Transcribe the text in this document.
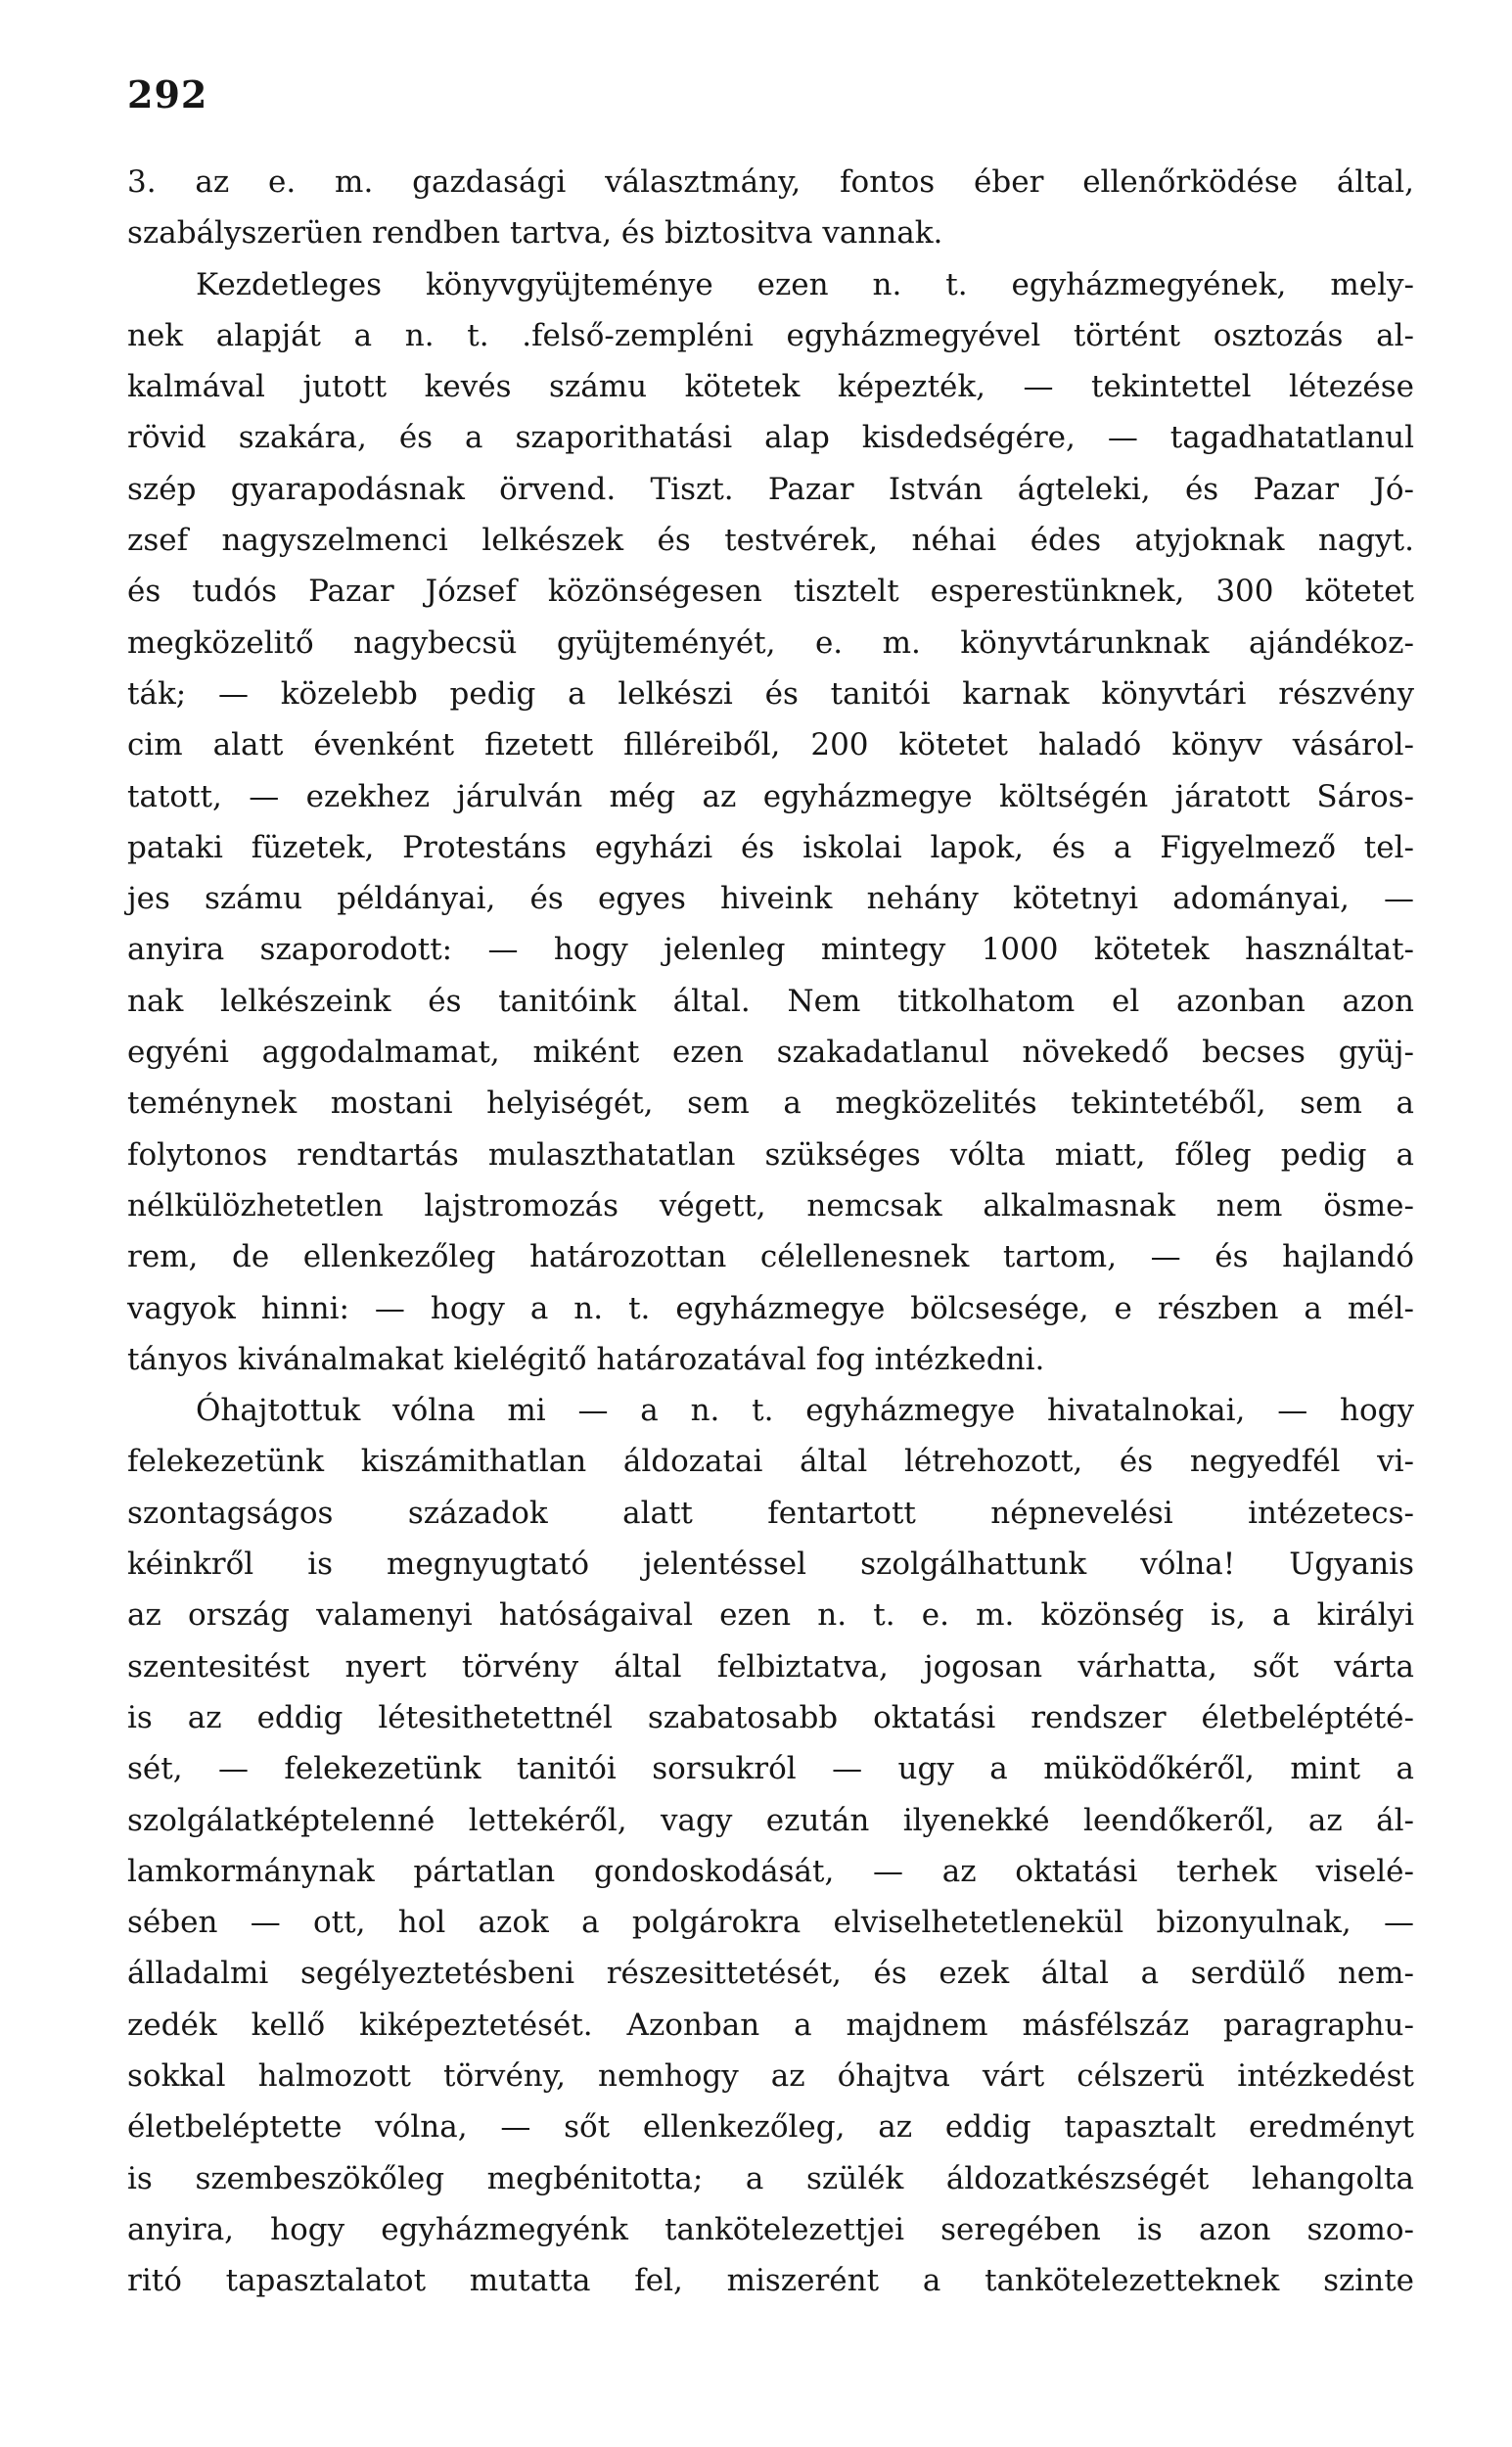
292
3. az e. m. gazdasági választmány, fontos éber ellenőrködése által,
szabályszerüen rendben tartva, és biztositva vannak.
Kezdetleges könyvgyüjteménye ezen n. t. egyházmegyének, mely-
nek alapját a n. t. .felső-zempléni egyházmegyével történt osztozás al-
kalmával jutott kevés számu kötetek képezték, — tekintettel létezése
rövid szakára, és a szaporithatási alap kisdedségére, — tagadhatatlanul
szép gyarapodásnak örvend. Tiszt. Pazar István ágteleki, és Pazar Jó-
zsef nagyszelmenci lelkészek és testvérek, néhai édes atyjoknak nagyt.
és tudós Pazar József közönségesen tisztelt esperestünknek, 300 kötetet
megközelitő nagybecsü gyüjteményét, e. m. könyvtárunknak ajándékoz-
ták; — közelebb pedig a lelkészi és tanitói karnak könyvtári részvény
cim alatt évenként fizetett filléreiből, 200 kötetet haladó könyv vásárol-
tatott, — ezekhez járulván még az egyházmegye költségén járatott Sáros-
pataki füzetek, Protestáns egyházi és iskolai lapok, és a Figyelmező tel-
jes számu példányai, és egyes hiveink nehány kötetnyi adományai, —
anyira szaporodott: — hogy jelenleg mintegy 1000 kötetek használtat-
nak lelkészeink és tanitóink által. Nem titkolhatom el azonban azon
egyéni aggodalmamat, miként ezen szakadatlanul növekedő becses gyüj-
teménynek mostani helyiségét, sem a megközelités tekintetéből, sem a
folytonos rendtartás mulaszthatatlan szükséges vólta miatt, főleg pedig a
nélkülözhetetlen lajstromozás végett, nemcsak alkalmasnak nem ösme-
rem, de ellenkezőleg határozottan célellenesnek tartom, — és hajlandó
vagyok hinni: — hogy a n. t. egyházmegye bölcsesége, e részben a mél-
tányos kivánalmakat kielégitő határozatával fog intézkedni.
Óhajtottuk vólna mi — a n. t. egyházmegye hivatalnokai, — hogy
felekezetünk kiszámithatlan áldozatai által létrehozott, és negyedfél vi-
szontagságos századok alatt fentartott népnevelési intézetecs-
kéinkről is megnyugtató jelentéssel szolgálhattunk vólna! Ugyanis
az ország valamenyi hatóságaival ezen n. t. e. m. közönség is, a királyi
szentesitést nyert törvény által felbiztatva, jogosan várhatta, sőt várta
is az eddig létesithetettnél szabatosabb oktatási rendszer életbeléptété-
sét, — felekezetünk tanitói sorsukról — ugy a müködőkéről, mint a
szolgálatképtelenné lettekéről, vagy ezután ilyenekké leendőkeről, az ál-
lamkormánynak pártatlan gondoskodását, — az oktatási terhek viselé-
sében — ott, hol azok a polgárokra elviselhetetlenekül bizonyulnak, —
álladalmi segélyeztetésbeni részesittetését, és ezek által a serdülő nem-
zedék kellő kiképeztetését. Azonban a majdnem másfélszáz paragraphu-
sokkal halmozott törvény, nemhogy az óhajtva várt célszerü intézkedést
életbeléptette vólna, — sőt ellenkezőleg, az eddig tapasztalt eredményt
is szembeszökőleg megbénitotta; a szülék áldozatkészségét lehangolta
anyira, hogy egyházmegyénk tankötelezettjei seregében is azon szomo-
ritó tapasztalatot mutatta fel, miszerént a tankötelezetteknek szinte
